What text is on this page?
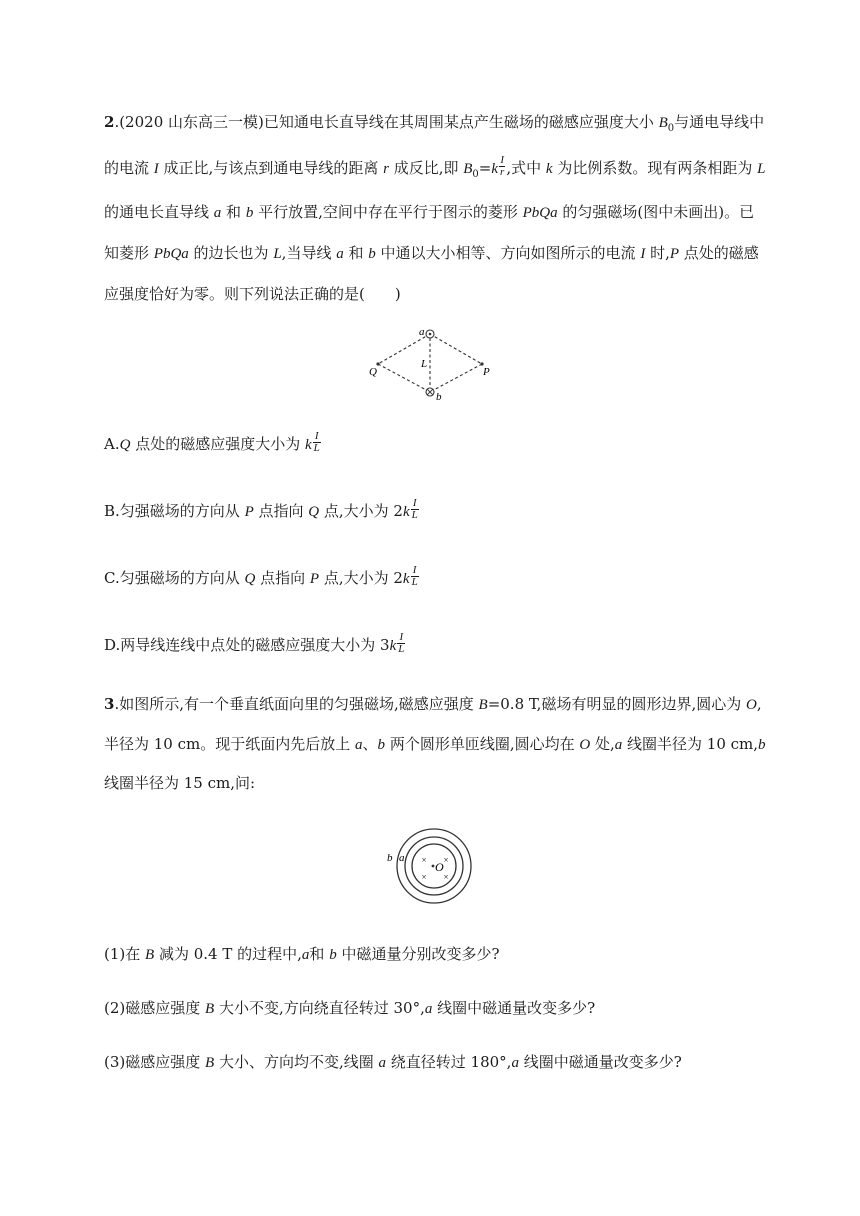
2.(2020 山东高三一模)已知通电长直导线在其周围某点产生磁场的磁感应强度大小 $B_0$与通电导线中
的电流 I 成正比,与该点到通电导线的距离 r 成反比,即 $B_0=k \frac{I}{r}$ ,式中 k 为比例系数。现有两条相距为 L
的通电长直导线 a 和 b 平行放置,空间中存在平行于图示的菱形 PbQa 的匀强磁场(图中未画出)。已
知菱形 PbQa 的边长也为 L,当导线 a 和 b 中通以大小相等、方向如图所示的电流 I 时,P 点处的磁感
应强度恰好为零。则下列说法正确的是(　　)
a
b
L
Q	P
A.Q 点处的磁感应强度大小为 k $\frac{I}{L}$
B.匀强磁场的方向从 P 点指向 Q 点,大小为 $2k \frac{I}{L}$
C.匀强磁场的方向从 Q 点指向 P 点,大小为 $2k \frac{I}{L}$
D.两导线连线中点处的磁感应强度大小为 $3k \frac{I}{L}$
3.如图所示,有一个垂直纸面向里的匀强磁场,磁感应强度 B=0.8 T,磁场有明显的圆形边界,圆心为 O,
半径为 10 cm。现于纸面内先后放上 a、b 两个圆形单匝线圈,圆心均在 O 处,a 线圈半径为 10 cm,b
线圈半径为 15 cm,问:
× ×
× ×
O
a
b
(1)在 B 减为 0.4 T 的过程中,a和 b 中磁通量分别改变多少?
(2)磁感应强度 B 大小不变,方向绕直径转过 30°,a 线圈中磁通量改变多少?
(3)磁感应强度 B 大小、方向均不变,线圈 a 绕直径转过 180°,a 线圈中磁通量改变多少?
